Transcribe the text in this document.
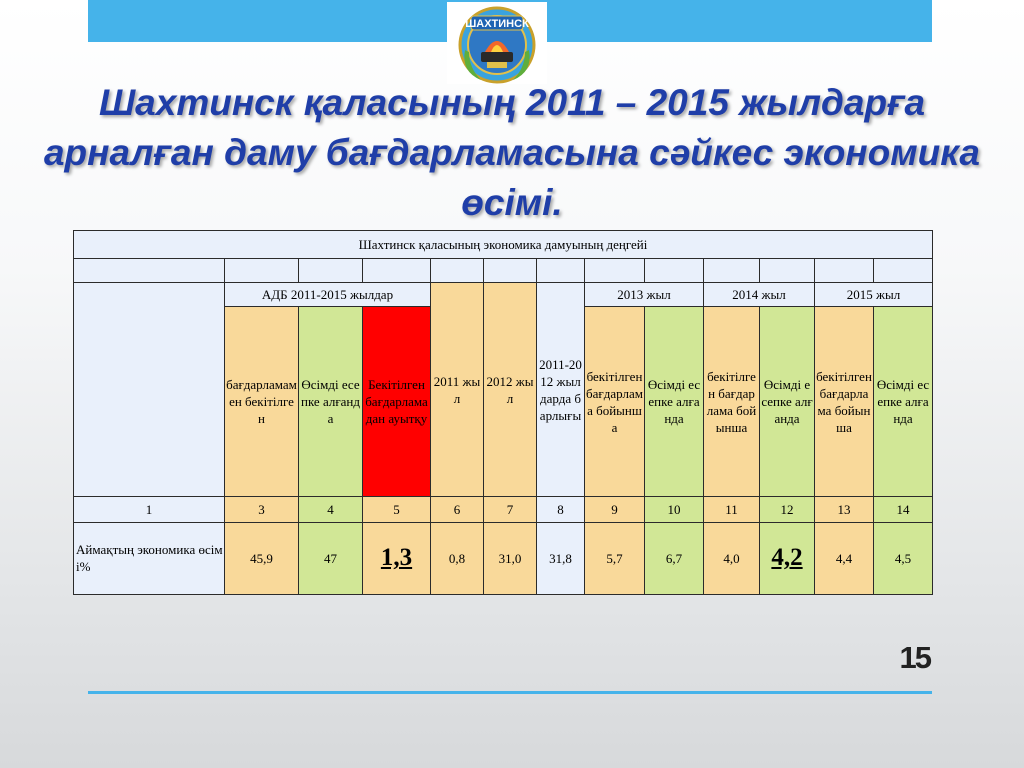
ШАХТИНСК
Шахтинск қаласының 2011 – 2015 жылдарға арналған даму бағдарламасына сәйкес экономика өсімі.
Шахтинск қаласының экономика дамуының деңгейі												

	АДБ 2011-2015 жылдар			2011 жыл	2012 жыл	2011-2012 жылдарда барлығы	2013 жыл		2014 жыл		2015 жыл	
	бағдарламамен бекітілген	Өсімді есепке алғанда	Бекітілген бағдарламадан ауытқу				бекітілген бағдарлама бойынша	Өсімді есепке алғанда	бекітілген бағдарлама бойынша	Өсімді есепке алғанда	бекітілген бағдарлама бойынша	Өсімді есепке алғанда
1	3	4	5	6	7	8	9	10	11	12	13	14
Аймақтың экономика өсімі%	45,9	47	1,3	0,8	31,0	31,8	5,7	6,7	4,0	4,2	4,4	4,5
15
